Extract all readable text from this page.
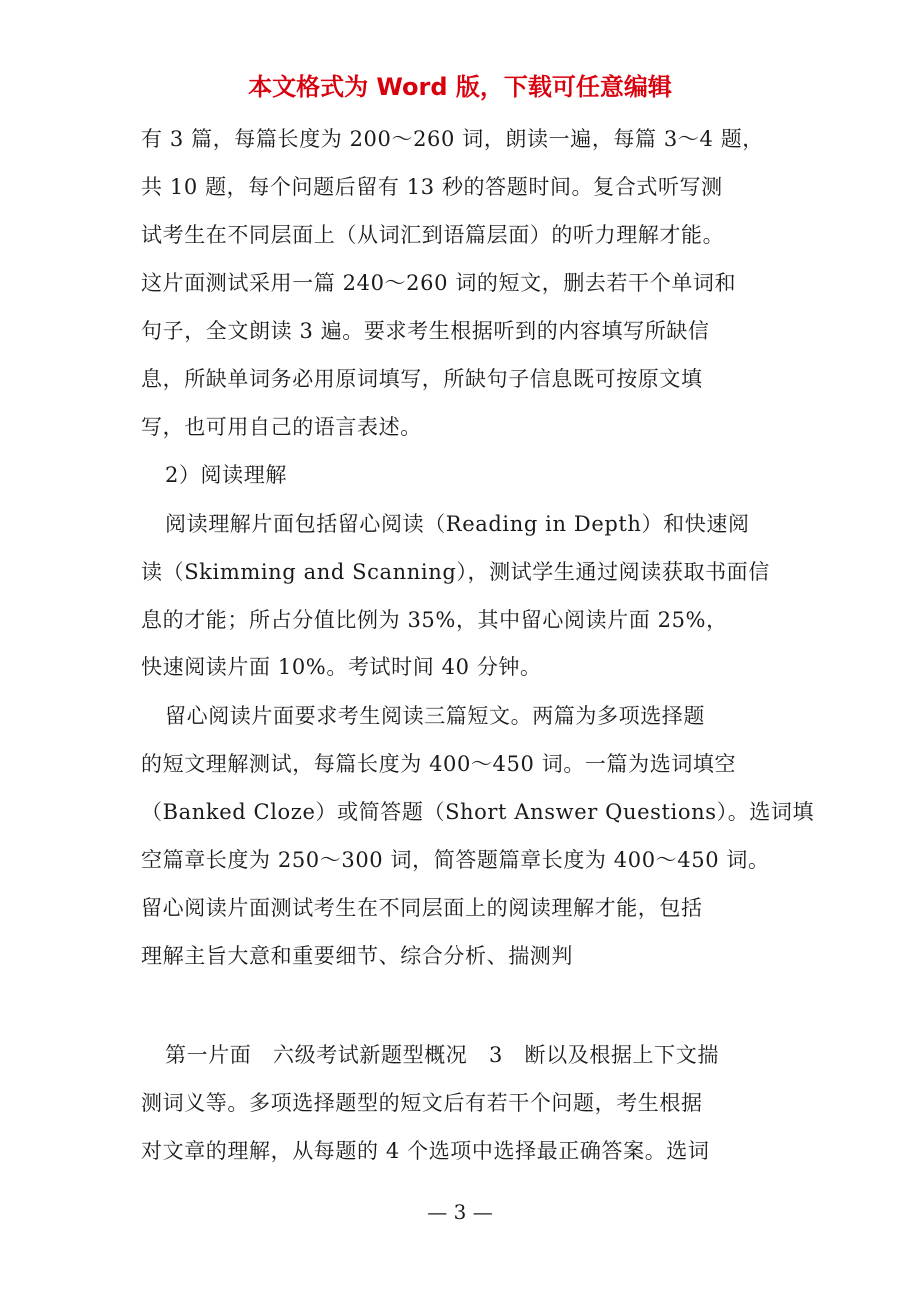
本文格式为 Word 版，下载可任意编辑
有 3 篇，每篇长度为 200～260 词，朗读一遍，每篇 3～4 题，
共 10 题，每个问题后留有 13 秒的答题时间。复合式听写测
试考生在不同层面上（从词汇到语篇层面）的听力理解才能。
这片面测试采用一篇 240～260 词的短文，删去若干个单词和
句子，全文朗读 3 遍。要求考生根据听到的内容填写所缺信
息，所缺单词务必用原词填写，所缺句子信息既可按原文填
写，也可用自己的语言表述。
2）阅读理解
阅读理解片面包括留心阅读（Reading in Depth）和快速阅
读（Skimming and Scanning），测试学生通过阅读获取书面信
息的才能；所占分值比例为 35%，其中留心阅读片面 25%，
快速阅读片面 10%。考试时间 40 分钟。
留心阅读片面要求考生阅读三篇短文。两篇为多项选择题
的短文理解测试，每篇长度为 400～450 词。一篇为选词填空
（Banked Cloze）或简答题（Short Answer Questions）。选词填
空篇章长度为 250～300 词，简答题篇章长度为 400～450 词。
留心阅读片面测试考生在不同层面上的阅读理解才能，包括
理解主旨大意和重要细节、综合分析、揣测判
第一片面　六级考试新题型概况　3　断以及根据上下文揣
测词义等。多项选择题型的短文后有若干个问题，考生根据
对文章的理解，从每题的 4 个选项中选择最正确答案。选词
— 3 —
